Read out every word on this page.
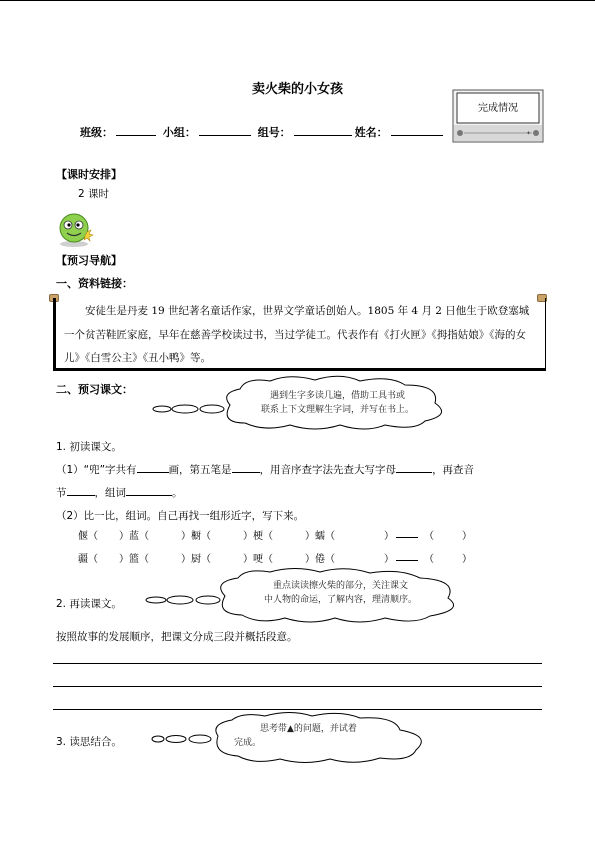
卖火柴的小女孩
班级：	小组：	组号：	姓名：	✦
完成情况
【课时安排】
2 课时
【预习导航】
一、资料链接：
安徒生是丹麦 19 世纪著名童话作家，世界文学童话创始人。1805 年 4 月 2 日他生于欧登塞城一个贫苦鞋匠家庭，早年在慈善学校读过书，当过学徒工。代表作有《打火匣》《拇指姑娘》《海的女儿》《白雪公主》《丑小鸭》等。
二、预习课文：	遇到生字多读几遍，借助工具书或
联系上下文理解生字词，并写在书上。
1. 初读课文。
（1）“兜”字共有	画，第五笔是	，用音序查字法先查大写字母	，再查音
节	，组词	。
（2）比一比，组词。自己再找一组形近字，写下来。
偃（ ）蓝（	）橱（	）梗（	）蠕（	）	（	）
疆（ ）篮（	）厨（	）哽（	）倦（	）	（	）
2. 再读课文。
重点读读擦火柴的部分，关注课文
中人物的命运，了解内容，理清顺序。
按照故事的发展顺序，把课文分成三段并概括段意。
3. 读思结合。
思考带▲的问题，并试着
完成。
